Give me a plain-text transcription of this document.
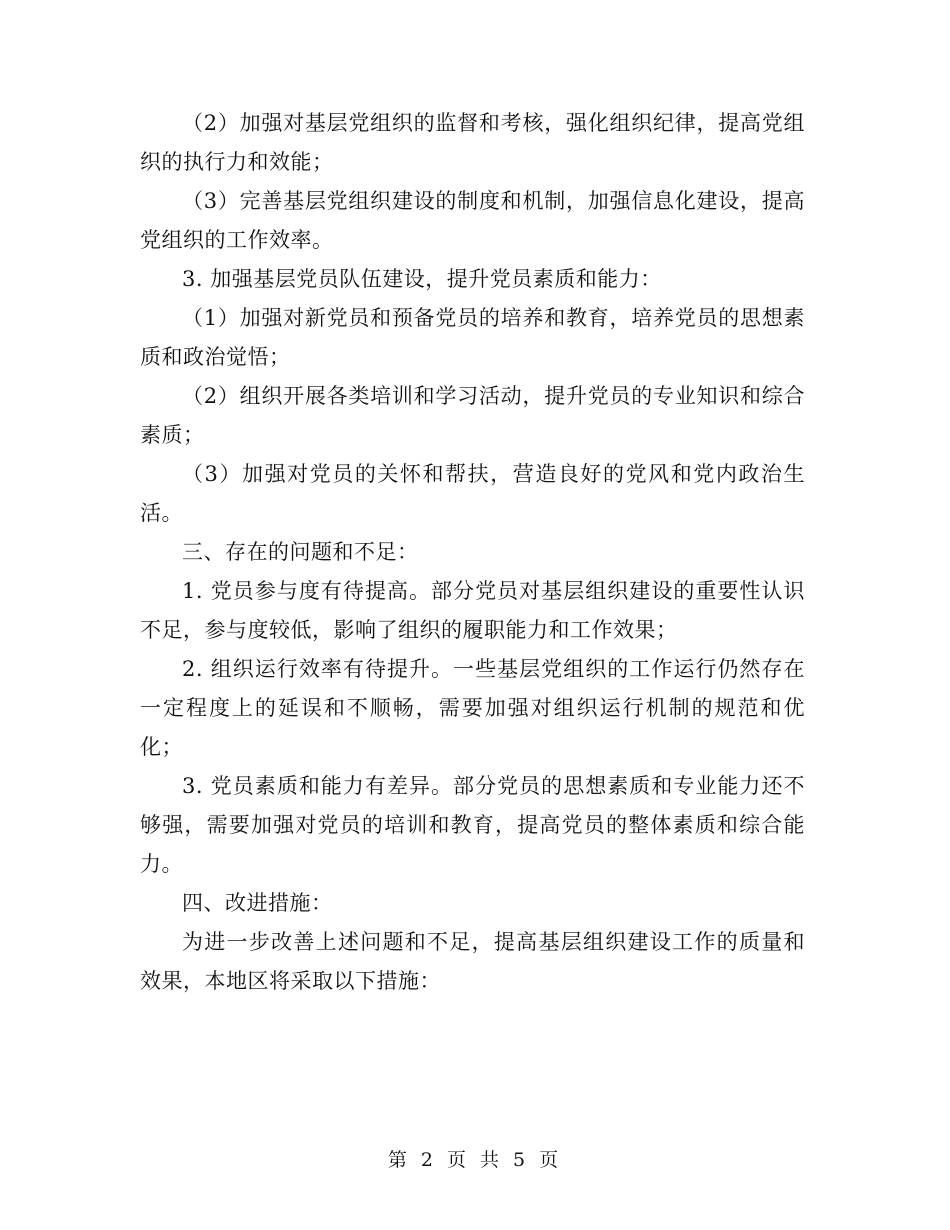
（2）加强对基层党组织的监督和考核，强化组织纪律，提高党组织的执行力和效能；

（3）完善基层党组织建设的制度和机制，加强信息化建设，提高党组织的工作效率。

3. 加强基层党员队伍建设，提升党员素质和能力：

（1）加强对新党员和预备党员的培养和教育，培养党员的思想素质和政治觉悟；

（2）组织开展各类培训和学习活动，提升党员的专业知识和综合素质；

（3）加强对党员的关怀和帮扶，营造良好的党风和党内政治生活。

三、存在的问题和不足：

1. 党员参与度有待提高。部分党员对基层组织建设的重要性认识不足，参与度较低，影响了组织的履职能力和工作效果；

2. 组织运行效率有待提升。一些基层党组织的工作运行仍然存在一定程度上的延误和不顺畅，需要加强对组织运行机制的规范和优化；

3. 党员素质和能力有差异。部分党员的思想素质和专业能力还不够强，需要加强对党员的培训和教育，提高党员的整体素质和综合能力。

四、改进措施：

为进一步改善上述问题和不足，提高基层组织建设工作的质量和效果，本地区将采取以下措施：

第 2 页 共 5 页
